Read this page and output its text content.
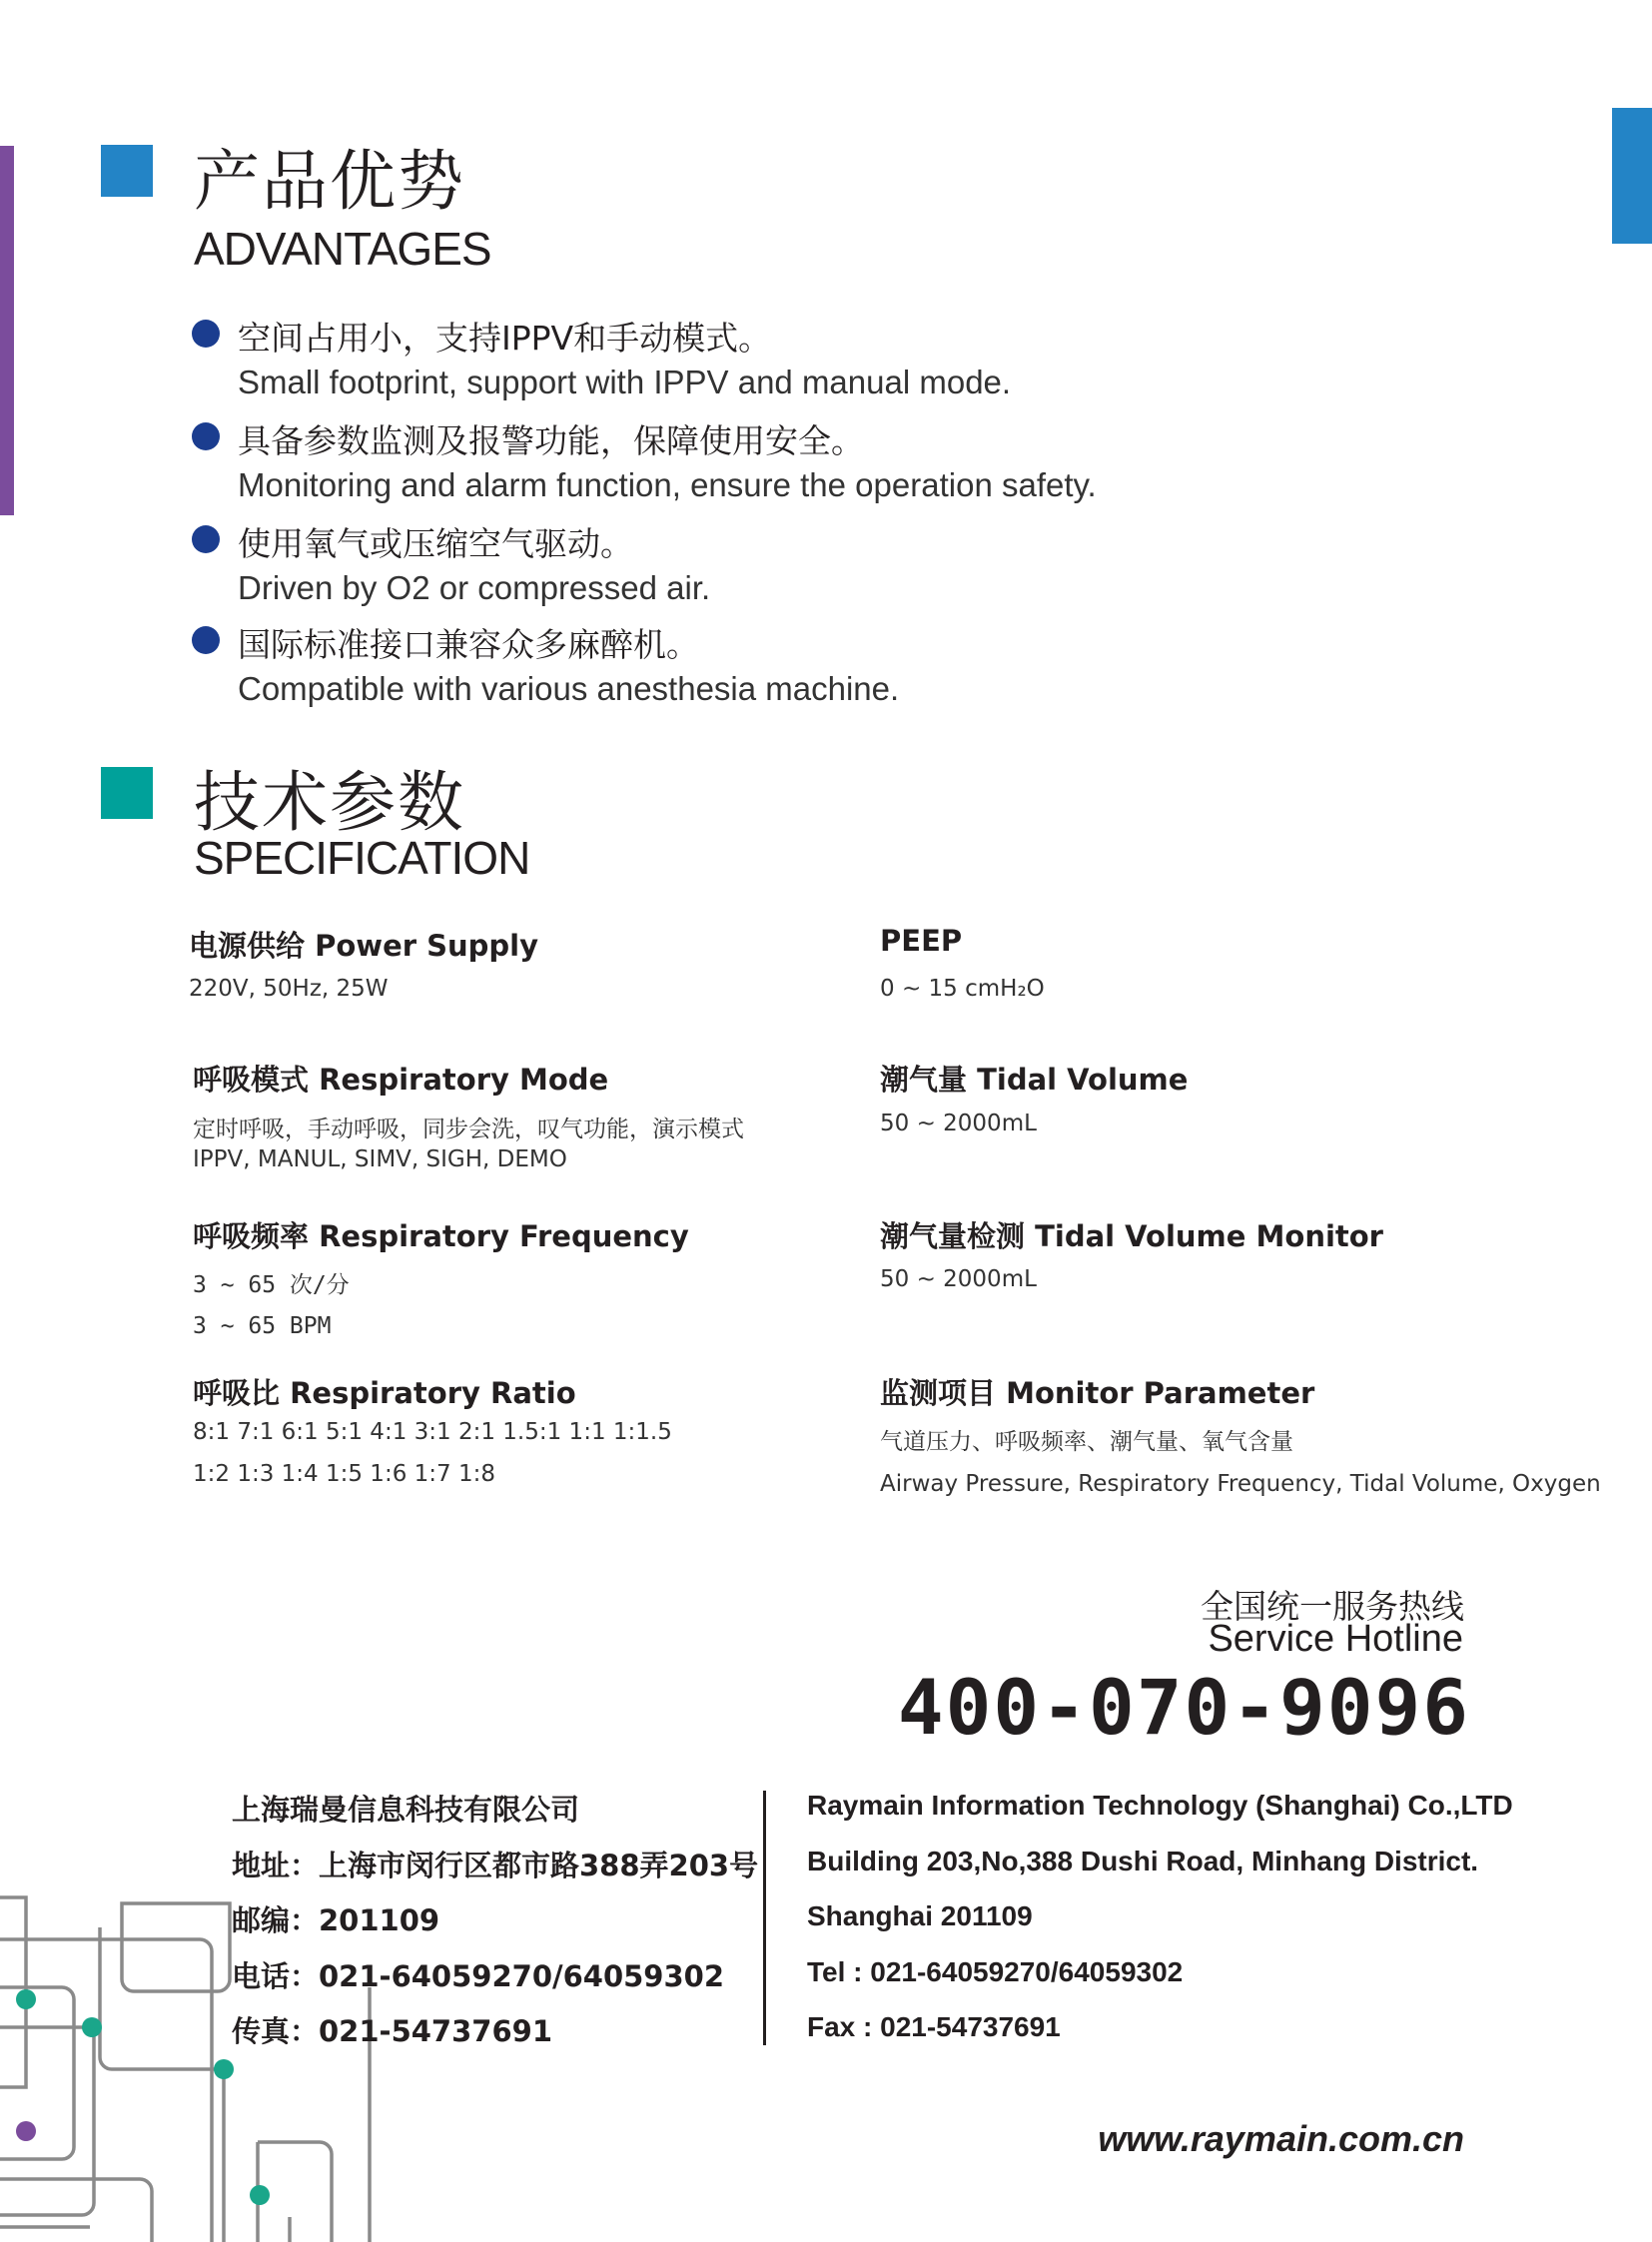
产品优势
ADVANTAGES
空间占用小，支持IPPV和手动模式。
Small footprint, support with IPPV and manual mode.
具备参数监测及报警功能，保障使用安全。
Monitoring and alarm function, ensure the operation safety.
使用氧气或压缩空气驱动。
Driven by O2 or compressed air.
国际标准接口兼容众多麻醉机。
Compatible with various anesthesia machine.
技术参数
SPECIFICATION
电源供给 Power Supply
220V, 50Hz, 25W
呼吸模式 Respiratory Mode
定时呼吸，手动呼吸，同步会洗，叹气功能，演示模式
IPPV, MANUL, SIMV, SIGH, DEMO
呼吸频率 Respiratory Frequency
3 ~ 65 次/分
3 ~ 65 BPM
呼吸比 Respiratory Ratio
8:1 7:1 6:1 5:1 4:1 3:1 2:1 1.5:1 1:1 1:1.5
1:2 1:3 1:4 1:5 1:6 1:7 1:8
PEEP
0 ~ 15 cmH₂O
潮气量 Tidal Volume
50 ~ 2000mL
潮气量检测 Tidal Volume Monitor
50 ~ 2000mL
监测项目 Monitor Parameter
气道压力、呼吸频率、潮气量、氧气含量
Airway Pressure, Respiratory Frequency, Tidal Volume, Oxygen
全国统一服务热线
Service Hotline
400-070-9096
上海瑞曼信息科技有限公司
地址：上海市闵行区都市路388弄203号
邮编：201109
电话：021-64059270/64059302
传真：021-54737691
Raymain Information Technology (Shanghai) Co.,LTD
Building 203,No,388 Dushi Road, Minhang District.
Shanghai 201109
Tel : 021-64059270/64059302
Fax : 021-54737691
www.raymain.com.cn
